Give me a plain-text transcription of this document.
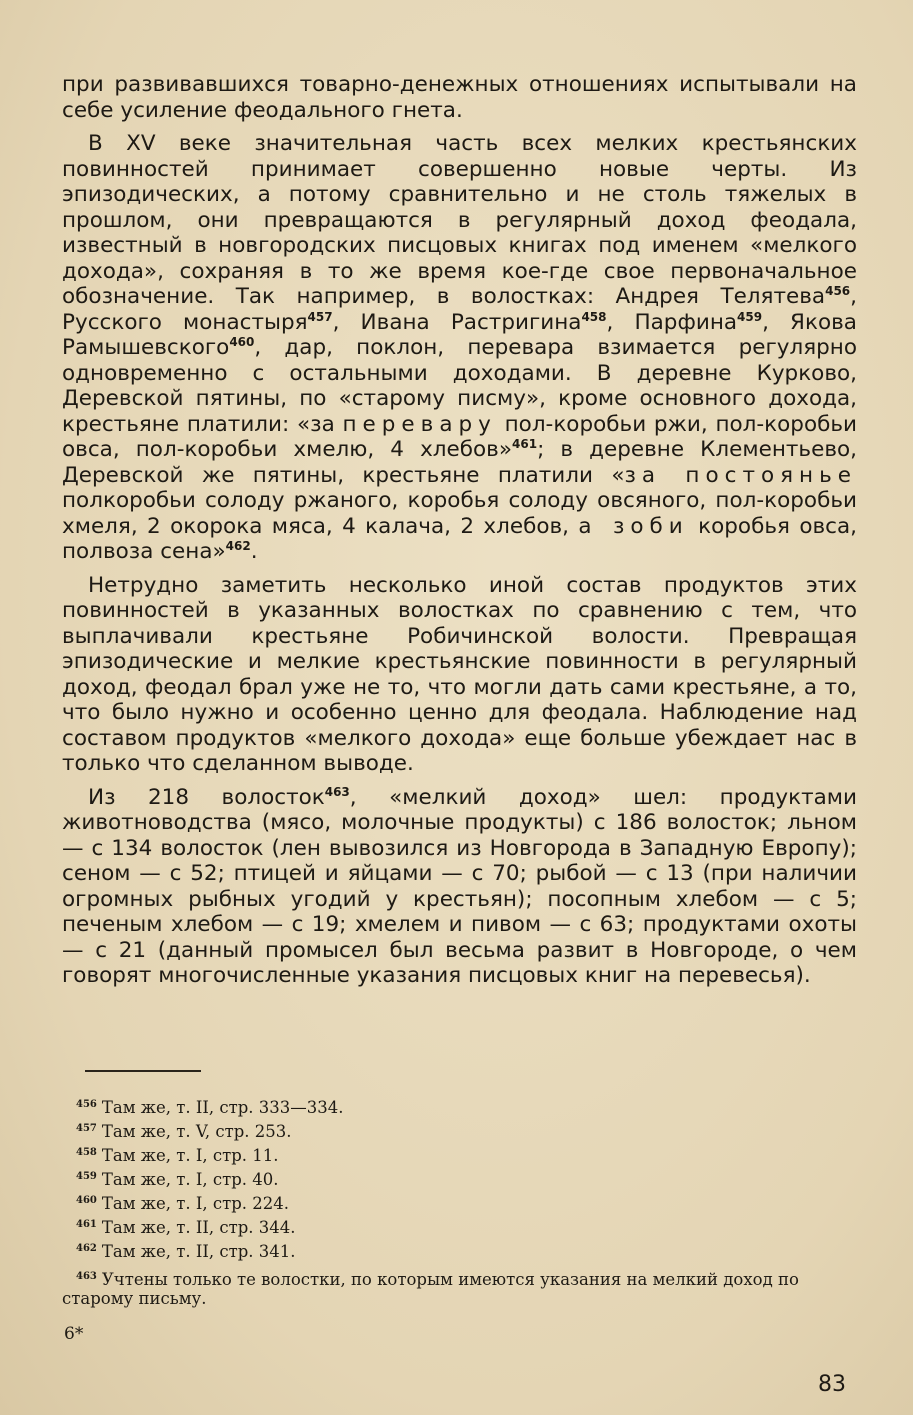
при развивавшихся товарно-денежных отношениях испытывали на себе усиление феодального гнета.

В XV веке значительная часть всех мелких крестьянских повинностей принимает совершенно новые черты. Из эпизодических, а потому сравнительно и не столь тяжелых в прошлом, они превращаются в регулярный доход феодала, известный в новгородских писцовых книгах под именем «мелкого дохода», сохраняя в то же время кое-где свое первоначальное обозначение. Так например, в волостках: Андрея Телятева$^{456}$, Русского монастыря$^{457}$, Ивана Растригина$^{458}$, Парфина$^{459}$, Якова Рамышевского$^{460}$, дар, поклон, перевара взимается регулярно одновременно с остальными доходами. В деревне Курково, Деревской пятины, по «старому писму», кроме основного дохода, крестьяне платили: «за перевару пол-коробьи ржи, пол-коробьи овса, пол-коробьи хмелю, 4 хлебов»$^{461}$; в деревне Клементьево, Деревской же пятины, крестьяне платили «за постоянье полкоробьи солоду ржаного, коробья солоду овсяного, пол-коробьи хмеля, 2 окорока мяса, 4 калача, 2 хлебов, а зоби коробья овса, полвоза сена»$^{462}$.

Нетрудно заметить несколько иной состав продуктов этих повинностей в указанных волостках по сравнению с тем, что выплачивали крестьяне Робичинской волости. Превращая эпизодические и мелкие крестьянские повинности в регулярный доход, феодал брал уже не то, что могли дать сами крестьяне, а то, что было нужно и особенно ценно для феодала. Наблюдение над составом продуктов «мелкого дохода» еще больше убеждает нас в только что сделанном выводе.

Из 218 волосток$^{463}$, «мелкий доход» шел: продуктами животноводства (мясо, молочные продукты) с 186 волосток; льном — с 134 волосток (лен вывозился из Новгорода в Западную Европу); сеном — с 52; птицей и яйцами — с 70; рыбой — с 13 (при наличии огромных рыбных угодий у крестьян); посопным хлебом — с 5; печеным хлебом — с 19; хмелем и пивом — с 63; продуктами охоты — с 21 (данный промысел был весьма развит в Новгороде, о чем говорят многочисленные указания писцовых книг на перевесья).

$^{456}$ Там же, т. II, стр. 333—334.
$^{457}$ Там же, т. V, стр. 253.
$^{458}$ Там же, т. I, стр. 11.
$^{459}$ Там же, т. I, стр. 40.
$^{460}$ Там же, т. I, стр. 224.
$^{461}$ Там же, т. II, стр. 344.
$^{462}$ Там же, т. II, стр. 341.
$^{463}$ Учтены только те волостки, по которым имеются указания на мелкий доход по старому письму.
6*
83
